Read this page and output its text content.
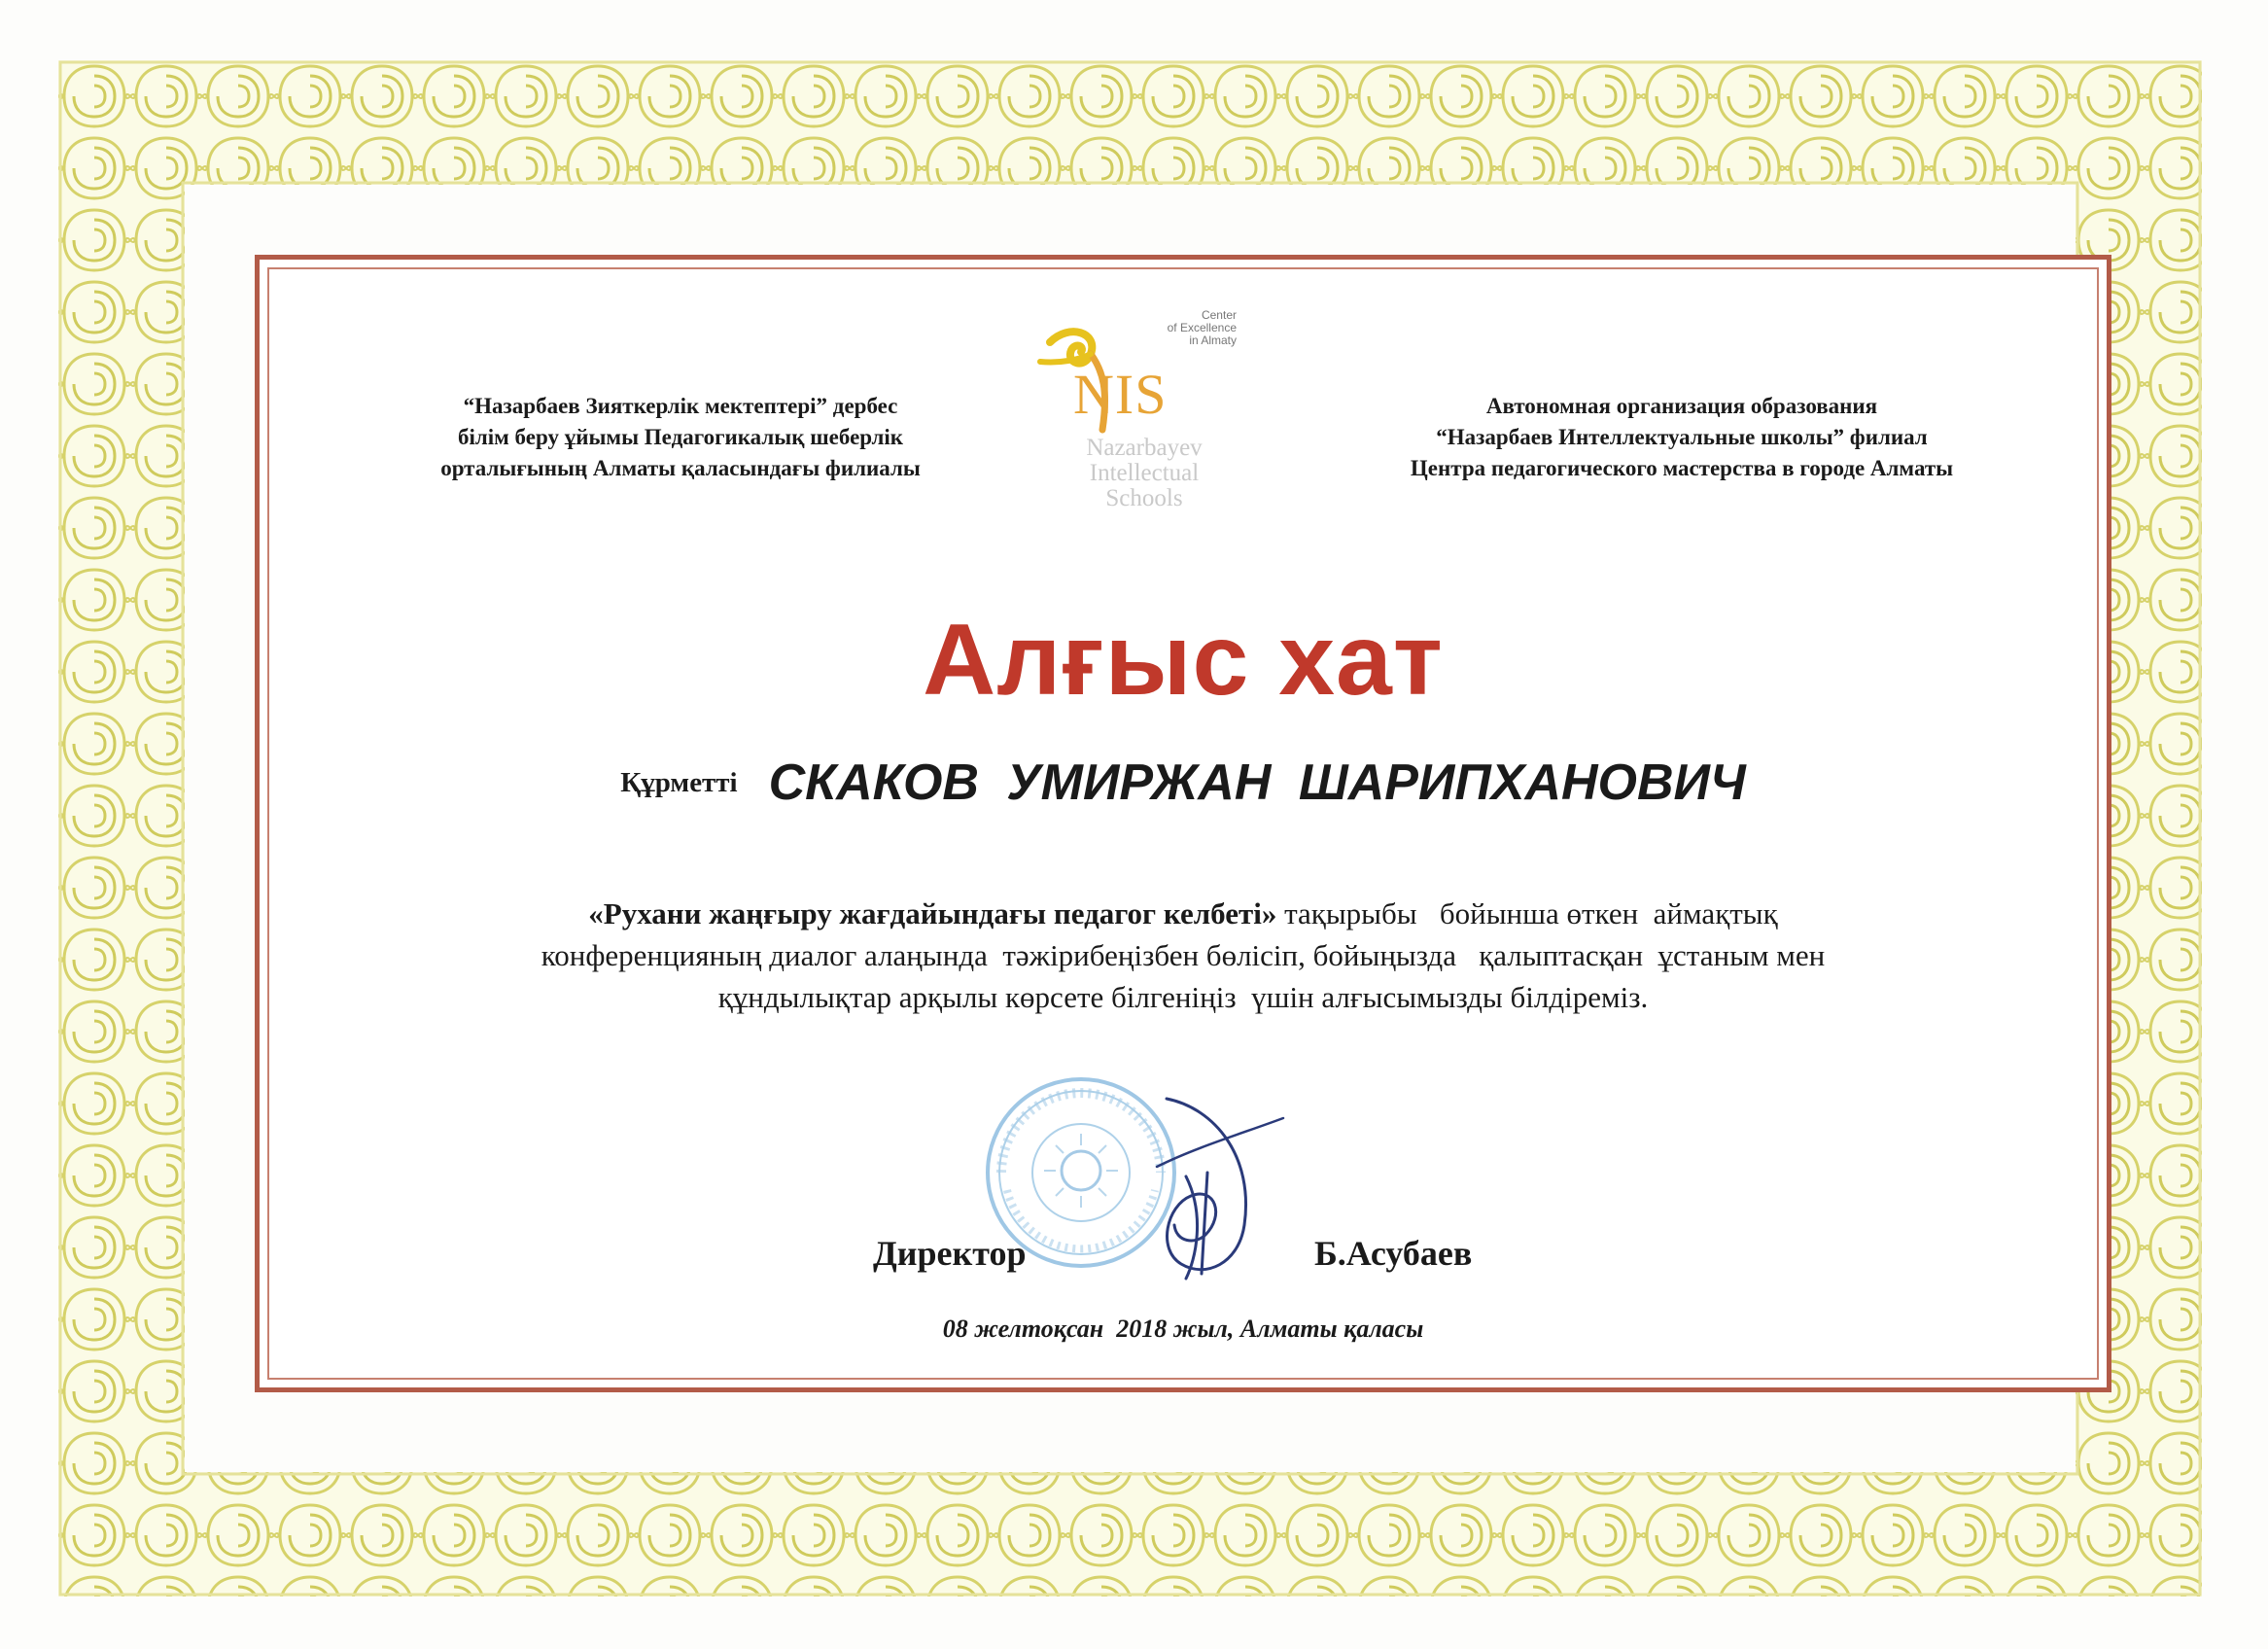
“Назарбаев Зияткерлік мектептері” дербес
білім беру ұйымы Педагогикалық шеберлік
орталығының Алматы қаласындағы филиалы
Center
of Excellence
in Almaty
NIS
Nazarbayev
Intellectual
Schools
Автономная организация образования
“Назарбаев Интеллектуальные школы” филиал
Центра педагогического мастерства в городе Алматы
Алғыс хат
Құрметті СКАКОВ УМИРЖАН ШАРИПХАНОВИЧ
«Рухани жаңғыру жағдайындағы педагог келбеті» тақырыбы   бойынша өткен  аймақтық
конференцияның диалог алаңында  тәжірибеңізбен бөлісіп, бойыңызда   қалыптасқан  ұстаным мен
құндылықтар арқылы көрсете білгеніңіз  үшін алғысымызды білдіреміз.
Директор	Б.Асубаев
08 желтоқсан  2018 жыл, Алматы қаласы
